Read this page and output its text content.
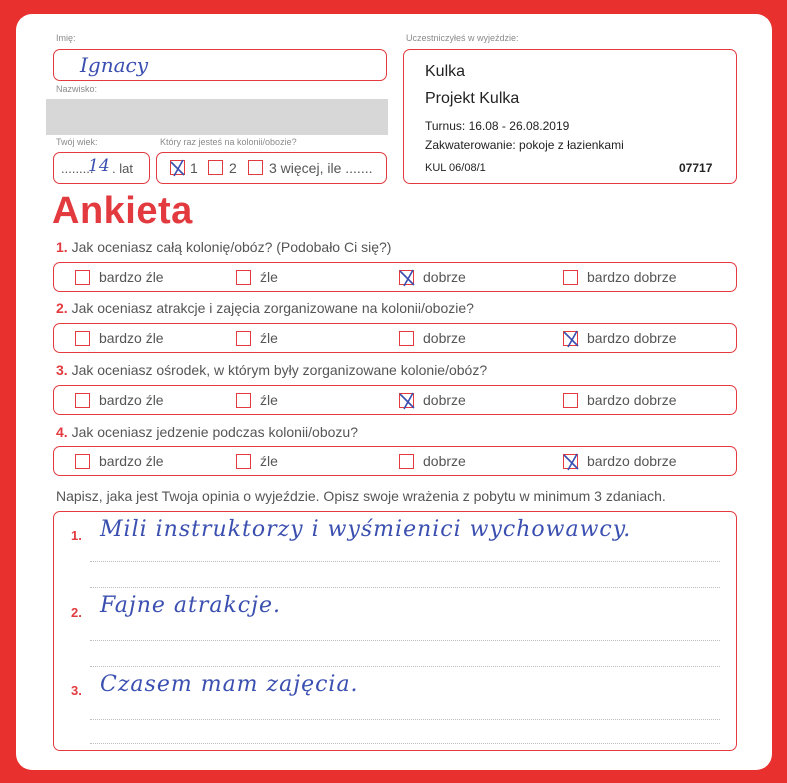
Imię:
Ignacy
Nazwisko:
Twój wiek:
.........
14 . lat
Który raz jesteś na kolonii/obozie?
1 2 3 więcej, ile .......
Uczestniczyłeś w wyjeździe:
Kulka
Projekt Kulka
Turnus: 16.08 - 26.08.2019
Zakwaterowanie: pokoje z łazienkami
KUL 06/08/1	07717
Ankieta
1. Jak oceniasz całą kolonię/obóz? (Podobało Ci się?)
bardzo źle	źle	dobrze	bardzo dobrze
2. Jak oceniasz atrakcje i zajęcia zorganizowane na kolonii/obozie?
bardzo źle	źle	dobrze	bardzo dobrze
3. Jak oceniasz ośrodek, w którym były zorganizowane kolonie/obóz?
bardzo źle	źle	dobrze	bardzo dobrze
4. Jak oceniasz jedzenie podczas kolonii/obozu?
bardzo źle	źle	dobrze	bardzo dobrze
Napisz, jaka jest Twoja opinia o wyjeździe. Opisz swoje wrażenia z pobytu w minimum 3 zdaniach.
1. Mili instruktorzy i wyśmienici wychowawcy.
2. Fajne atrakcje.
3. Czasem mam zajęcia.
